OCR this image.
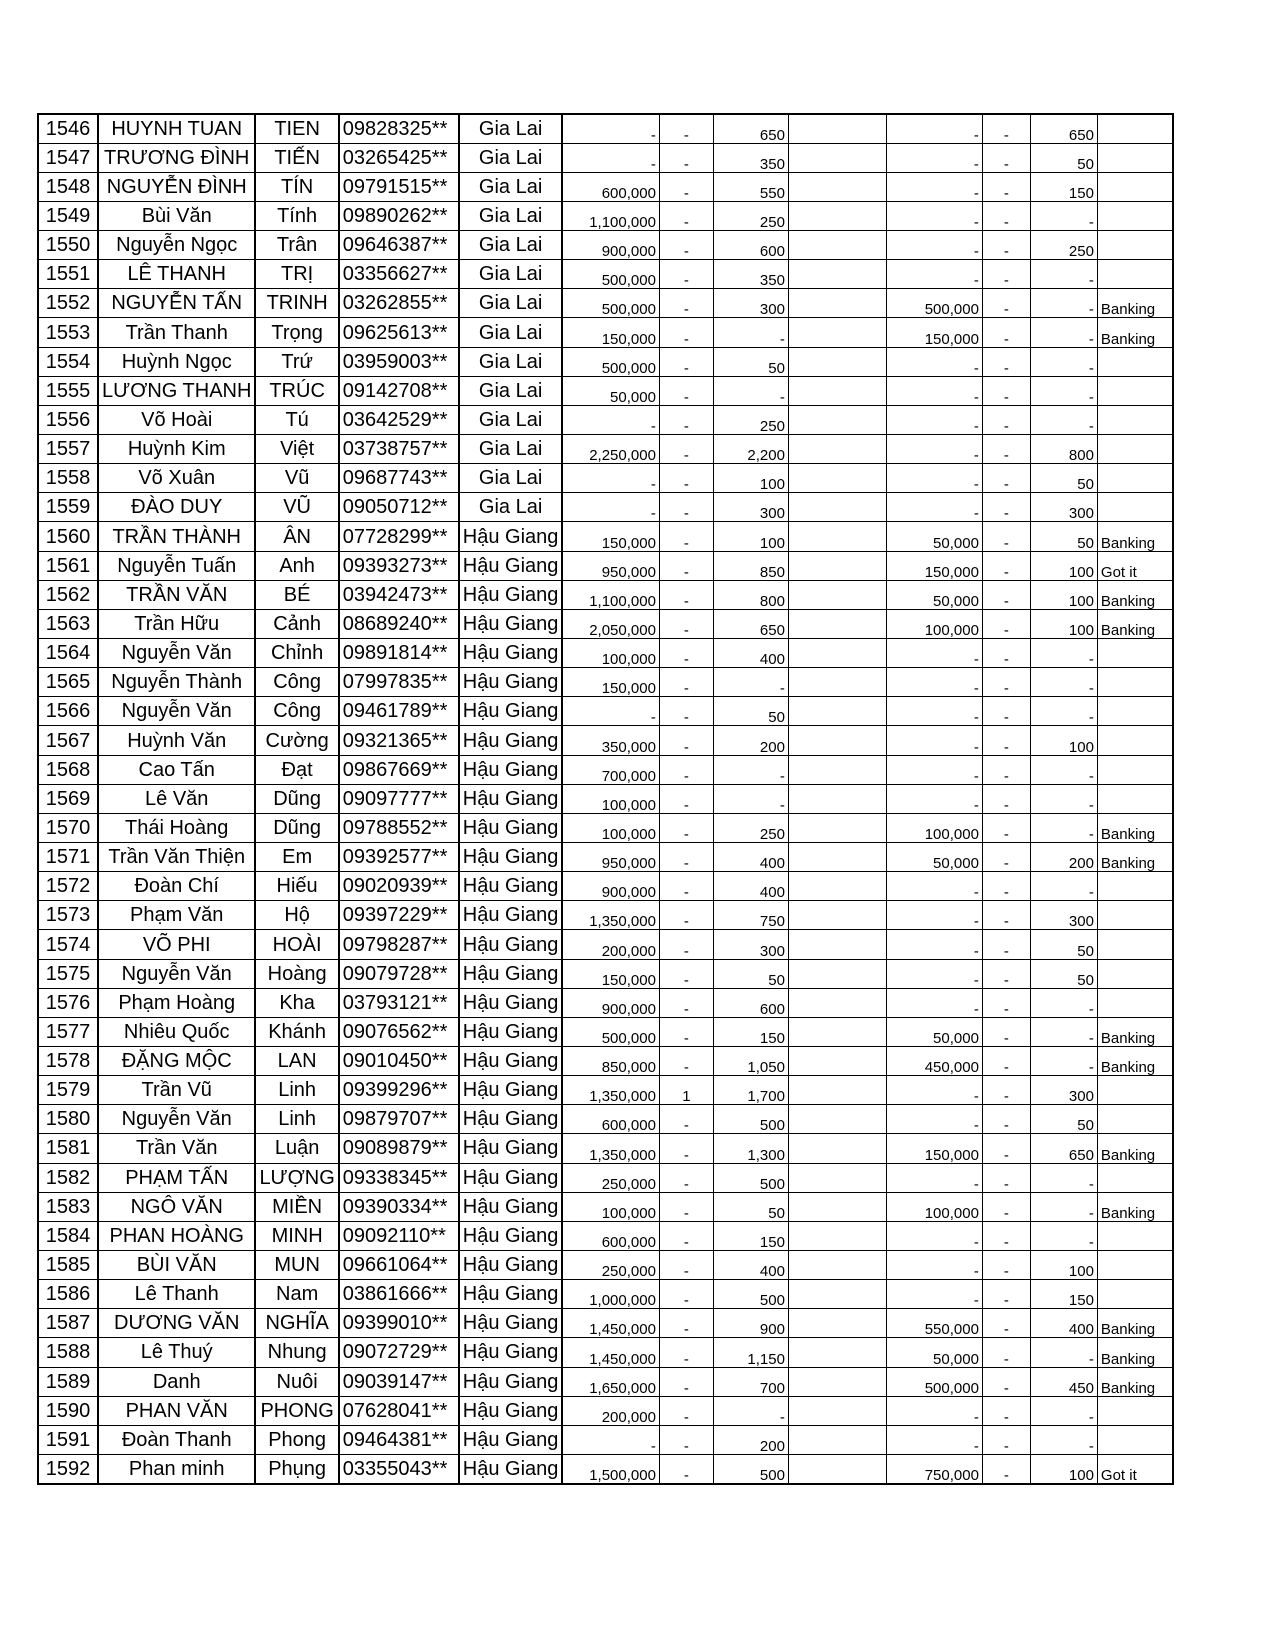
1546	HUYNH TUAN	TIEN	09828325**	Gia Lai	-	-	650		-	-	650	
1547	TRƯƠNG ĐÌNH	TIẾN	03265425**	Gia Lai	-	-	350		-	-	50	
1548	NGUYỄN ĐÌNH	TÍN	09791515**	Gia Lai	600,000	-	550		-	-	150	
1549	Bùi Văn	Tính	09890262**	Gia Lai	1,100,000	-	250		-	-	-	
1550	Nguyễn Ngọc	Trân	09646387**	Gia Lai	900,000	-	600		-	-	250	
1551	LÊ THANH	TRỊ	03356627**	Gia Lai	500,000	-	350		-	-	-	
1552	NGUYỄN TẤN	TRINH	03262855**	Gia Lai	500,000	-	300		500,000	-	-	Banking
1553	Trần Thanh	Trọng	09625613**	Gia Lai	150,000	-	-		150,000	-	-	Banking
1554	Huỳnh Ngọc	Trứ	03959003**	Gia Lai	500,000	-	50		-	-	-	
1555	LƯƠNG THANH	TRÚC	09142708**	Gia Lai	50,000	-	-		-	-	-	
1556	Võ Hoài	Tú	03642529**	Gia Lai	-	-	250		-	-	-	
1557	Huỳnh Kim	Việt	03738757**	Gia Lai	2,250,000	-	2,200		-	-	800	
1558	Võ Xuân	Vũ	09687743**	Gia Lai	-	-	100		-	-	50	
1559	ĐÀO DUY	VŨ	09050712**	Gia Lai	-	-	300		-	-	300	
1560	TRẦN THÀNH	ÂN	07728299**	Hậu Giang	150,000	-	100		50,000	-	50	Banking
1561	Nguyễn Tuấn	Anh	09393273**	Hậu Giang	950,000	-	850		150,000	-	100	Got it
1562	TRẦN VĂN	BÉ	03942473**	Hậu Giang	1,100,000	-	800		50,000	-	100	Banking
1563	Trần Hữu	Cảnh	08689240**	Hậu Giang	2,050,000	-	650		100,000	-	100	Banking
1564	Nguyễn Văn	Chỉnh	09891814**	Hậu Giang	100,000	-	400		-	-	-	
1565	Nguyễn Thành	Công	07997835**	Hậu Giang	150,000	-	-		-	-	-	
1566	Nguyễn Văn	Công	09461789**	Hậu Giang	-	-	50		-	-	-	
1567	Huỳnh Văn	Cường	09321365**	Hậu Giang	350,000	-	200		-	-	100	
1568	Cao Tấn	Đạt	09867669**	Hậu Giang	700,000	-	-		-	-	-	
1569	Lê Văn	Dũng	09097777**	Hậu Giang	100,000	-	-		-	-	-	
1570	Thái Hoàng	Dũng	09788552**	Hậu Giang	100,000	-	250		100,000	-	-	Banking
1571	Trần Văn Thiện	Em	09392577**	Hậu Giang	950,000	-	400		50,000	-	200	Banking
1572	Đoàn Chí	Hiếu	09020939**	Hậu Giang	900,000	-	400		-	-	-	
1573	Phạm Văn	Hộ	09397229**	Hậu Giang	1,350,000	-	750		-	-	300	
1574	VÕ PHI	HOÀI	09798287**	Hậu Giang	200,000	-	300		-	-	50	
1575	Nguyễn Văn	Hoàng	09079728**	Hậu Giang	150,000	-	50		-	-	50	
1576	Phạm Hoàng	Kha	03793121**	Hậu Giang	900,000	-	600		-	-	-	
1577	Nhiêu Quốc	Khánh	09076562**	Hậu Giang	500,000	-	150		50,000	-	-	Banking
1578	ĐẶNG MỘC	LAN	09010450**	Hậu Giang	850,000	-	1,050		450,000	-	-	Banking
1579	Trần Vũ	Linh	09399296**	Hậu Giang	1,350,000	1	1,700		-	-	300	
1580	Nguyễn Văn	Linh	09879707**	Hậu Giang	600,000	-	500		-	-	50	
1581	Trần Văn	Luận	09089879**	Hậu Giang	1,350,000	-	1,300		150,000	-	650	Banking
1582	PHẠM TẤN	LƯỢNG	09338345**	Hậu Giang	250,000	-	500		-	-	-	
1583	NGÔ VĂN	MIỀN	09390334**	Hậu Giang	100,000	-	50		100,000	-	-	Banking
1584	PHAN HOÀNG	MINH	09092110**	Hậu Giang	600,000	-	150		-	-	-	
1585	BÙI VĂN	MUN	09661064**	Hậu Giang	250,000	-	400		-	-	100	
1586	Lê Thanh	Nam	03861666**	Hậu Giang	1,000,000	-	500		-	-	150	
1587	DƯƠNG VĂN	NGHĨA	09399010**	Hậu Giang	1,450,000	-	900		550,000	-	400	Banking
1588	Lê Thuý	Nhung	09072729**	Hậu Giang	1,450,000	-	1,150		50,000	-	-	Banking
1589	Danh	Nuôi	09039147**	Hậu Giang	1,650,000	-	700		500,000	-	450	Banking
1590	PHAN VĂN	PHONG	07628041**	Hậu Giang	200,000	-	-		-	-	-	
1591	Đoàn Thanh	Phong	09464381**	Hậu Giang	-	-	200		-	-	-	
1592	Phan minh	Phụng	03355043**	Hậu Giang	1,500,000	-	500		750,000	-	100	Got it
